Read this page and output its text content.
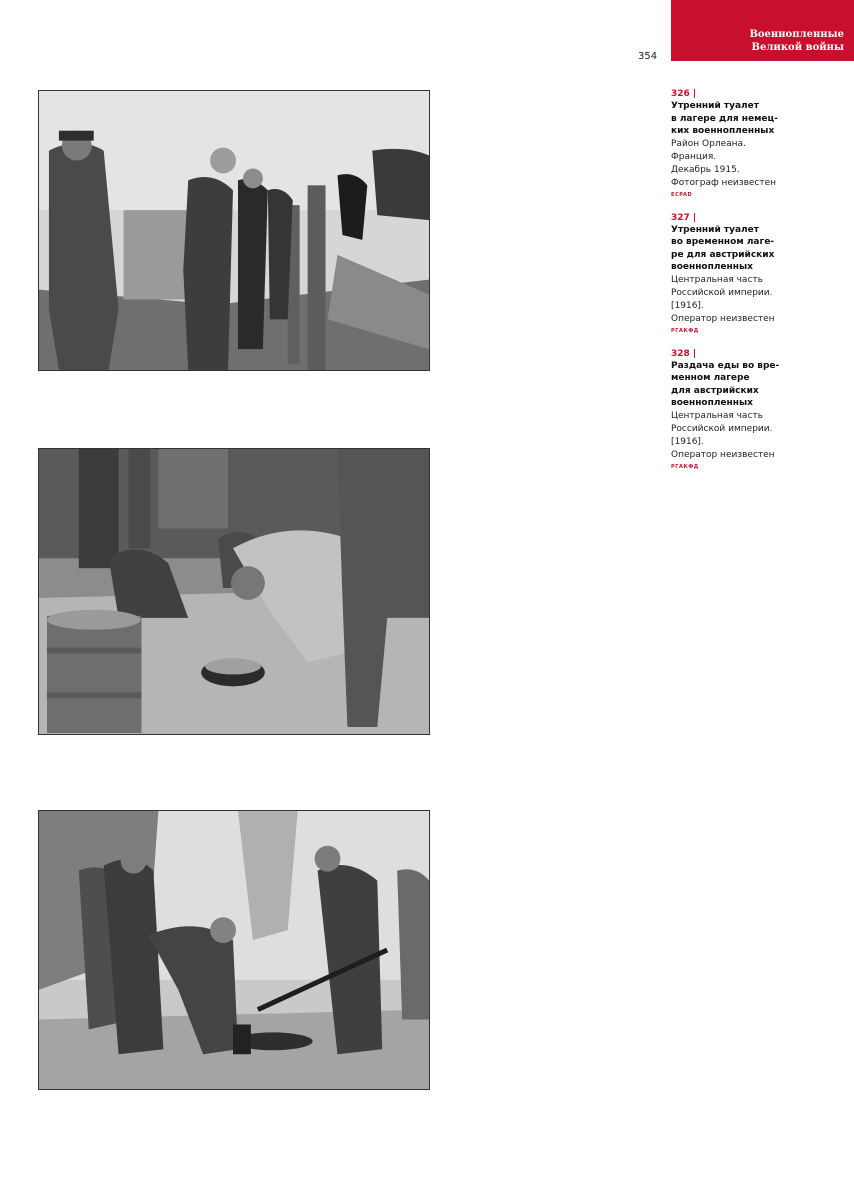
Военнопленные
Великой войны
354
326 |
Утренний туалет
в лагере для немец-
ких военнопленных
Район Орлеана.
Франция.
Декабрь 1915.
Фотограф неизвестен
ECPAD
327 |
Утренний туалет
во временном лаге-
ре для австрийских
военнопленных
Центральная часть
Российской империи.
[1916].
Оператор неизвестен
РГАКФД
328 |
Раздача еды во вре-
менном лагере
для австрийских
военнопленных
Центральная часть
Российской империи.
[1916].
Оператор неизвестен
РГАКФД
